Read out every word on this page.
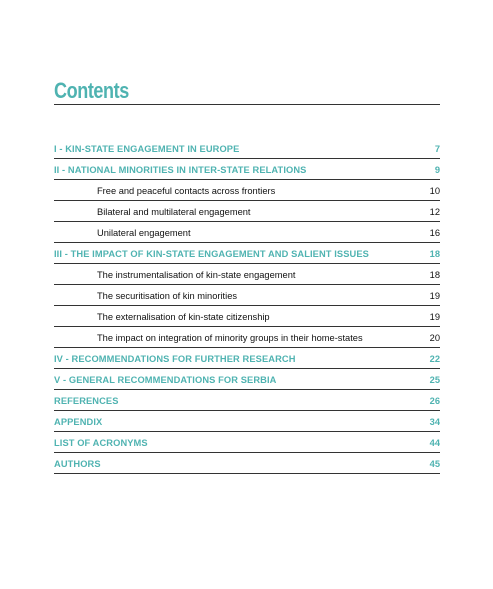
Contents
I - KIN-STATE ENGAGEMENT IN EUROPE	7
II - NATIONAL MINORITIES IN INTER-STATE RELATIONS	9
Free and peaceful contacts across frontiers	10
Bilateral and multilateral engagement	12
Unilateral engagement	16
III - THE IMPACT OF KIN-STATE ENGAGEMENT AND SALIENT ISSUES	18
The instrumentalisation of kin-state engagement	18
The securitisation of kin minorities	19
The externalisation of kin-state citizenship	19
The impact on integration of minority groups in their home-states	20
IV - RECOMMENDATIONS FOR FURTHER RESEARCH	22
V - GENERAL RECOMMENDATIONS FOR SERBIA	25
REFERENCES	26
APPENDIX	34
LIST OF ACRONYMS	44
AUTHORS	45
